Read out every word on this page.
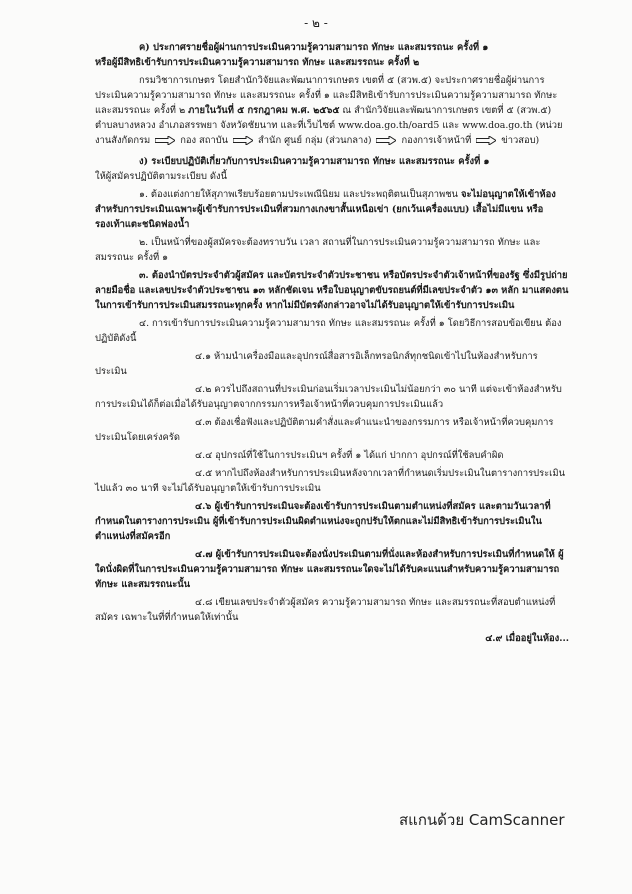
- ๒ -

ค) ประกาศรายชื่อผู้ผ่านการประเมินความรู้ความสามารถ ทักษะ และสมรรถนะ ครั้งที่ ๑

หรือผู้มีสิทธิเข้ารับการประเมินความรู้ความสามารถ ทักษะ และสมรรถนะ ครั้งที่ ๒

กรมวิชาการเกษตร โดยสำนักวิจัยและพัฒนาการเกษตร เขตที่ ๕ (สวพ.๕) จะประกาศรายชื่อผู้ผ่านการประเมินความรู้ความสามารถ ทักษะ และสมรรถนะ ครั้งที่ ๑ และมีสิทธิเข้ารับการประเมินความรู้ความสามารถ ทักษะ และสมรรถนะ ครั้งที่ ๒ ภายในวันที่ ๕ กรกฎาคม พ.ศ. ๒๕๖๕ ณ สำนักวิจัยและพัฒนาการเกษตร เขตที่ ๕ (สวพ.๕) ตำบลบางหลวง อำเภอสรรพยา จังหวัดชัยนาท และที่เว็บไซต์ www.doa.go.th/oard5 และ www.doa.go.th (หน่วยงานสังกัดกรม	กอง สถาบัน	สำนัก ศูนย์ กลุ่ม (ส่วนกลาง)	กองการเจ้าหน้าที่	ข่าวสอบ)

ง) ระเบียบปฏิบัติเกี่ยวกับการประเมินความรู้ความสามารถ ทักษะ และสมรรถนะ ครั้งที่ ๑

ให้ผู้สมัครปฏิบัติตามระเบียบ ดังนี้

๑. ต้องแต่งกายให้สุภาพเรียบร้อยตามประเพณีนิยม และประพฤติตนเป็นสุภาพชน จะไม่อนุญาตให้เข้าห้องสำหรับการประเมินเฉพาะผู้เข้ารับการประเมินที่สวมกางเกงขาสั้นเหนือเข่า (ยกเว้นเครื่องแบบ) เสื้อไม่มีแขน หรือรองเท้าแตะชนิดฟองน้ำ

๒. เป็นหน้าที่ของผู้สมัครจะต้องทราบวัน เวลา สถานที่ในการประเมินความรู้ความสามารถ ทักษะ และสมรรถนะ ครั้งที่ ๑

๓. ต้องนำบัตรประจำตัวผู้สมัคร และบัตรประจำตัวประชาชน หรือบัตรประจำตัวเจ้าหน้าที่ของรัฐ ซึ่งมีรูปถ่าย ลายมือชื่อ และเลขประจำตัวประชาชน ๑๓ หลักชัดเจน หรือใบอนุญาตขับรถยนต์ที่มีเลขประจำตัว ๑๓ หลัก มาแสดงตนในการเข้ารับการประเมินสมรรถนะทุกครั้ง หากไม่มีบัตรดังกล่าวอาจไม่ได้รับอนุญาตให้เข้ารับการประเมิน

๔. การเข้ารับการประเมินความรู้ความสามารถ ทักษะ และสมรรถนะ ครั้งที่ ๑ โดยวิธีการสอบข้อเขียน ต้องปฏิบัติดังนี้

๔.๑ ห้ามนำเครื่องมือและอุปกรณ์สื่อสารอิเล็กทรอนิกส์ทุกชนิดเข้าไปในห้องสำหรับการประเมิน

๔.๒ ควรไปถึงสถานที่ประเมินก่อนเริ่มเวลาประเมินไม่น้อยกว่า ๓๐ นาที แต่จะเข้าห้องสำหรับการประเมินได้ก็ต่อเมื่อได้รับอนุญาตจากกรรมการหรือเจ้าหน้าที่ควบคุมการประเมินแล้ว

๔.๓ ต้องเชื่อฟังและปฏิบัติตามคำสั่งและคำแนะนำของกรรมการ หรือเจ้าหน้าที่ควบคุมการประเมินโดยเคร่งครัด

๔.๔ อุปกรณ์ที่ใช้ในการประเมินฯ ครั้งที่ ๑ ได้แก่ ปากกา อุปกรณ์ที่ใช้ลบคำผิด

๔.๕ หากไปถึงห้องสำหรับการประเมินหลังจากเวลาที่กำหนดเริ่มประเมินในตารางการประเมินไปแล้ว ๓๐ นาที จะไม่ได้รับอนุญาตให้เข้ารับการประเมิน

๔.๖ ผู้เข้ารับการประเมินจะต้องเข้ารับการประเมินตามตำแหน่งที่สมัคร และตามวันเวลาที่กำหนดในตารางการประเมิน ผู้ที่เข้ารับการประเมินผิดตำแหน่งจะถูกปรับให้ตกและไม่มีสิทธิเข้ารับการประเมินในตำแหน่งที่สมัครอีก

๔.๗ ผู้เข้ารับการประเมินจะต้องนั่งประเมินตามที่นั่งและห้องสำหรับการประเมินที่กำหนดให้ ผู้ใดนั่งผิดที่ในการประเมินความรู้ความสามารถ ทักษะ และสมรรถนะใดจะไม่ได้รับคะแนนสำหรับความรู้ความสามารถ ทักษะ และสมรรถนะนั้น

๔.๘ เขียนเลขประจำตัวผู้สมัคร ความรู้ความสามารถ ทักษะ และสมรรถนะที่สอบตำแหน่งที่สมัคร เฉพาะในที่ที่กำหนดให้เท่านั้น

๔.๙ เมื่ออยู่ในห้อง...

สแกนด้วย CamScanner
